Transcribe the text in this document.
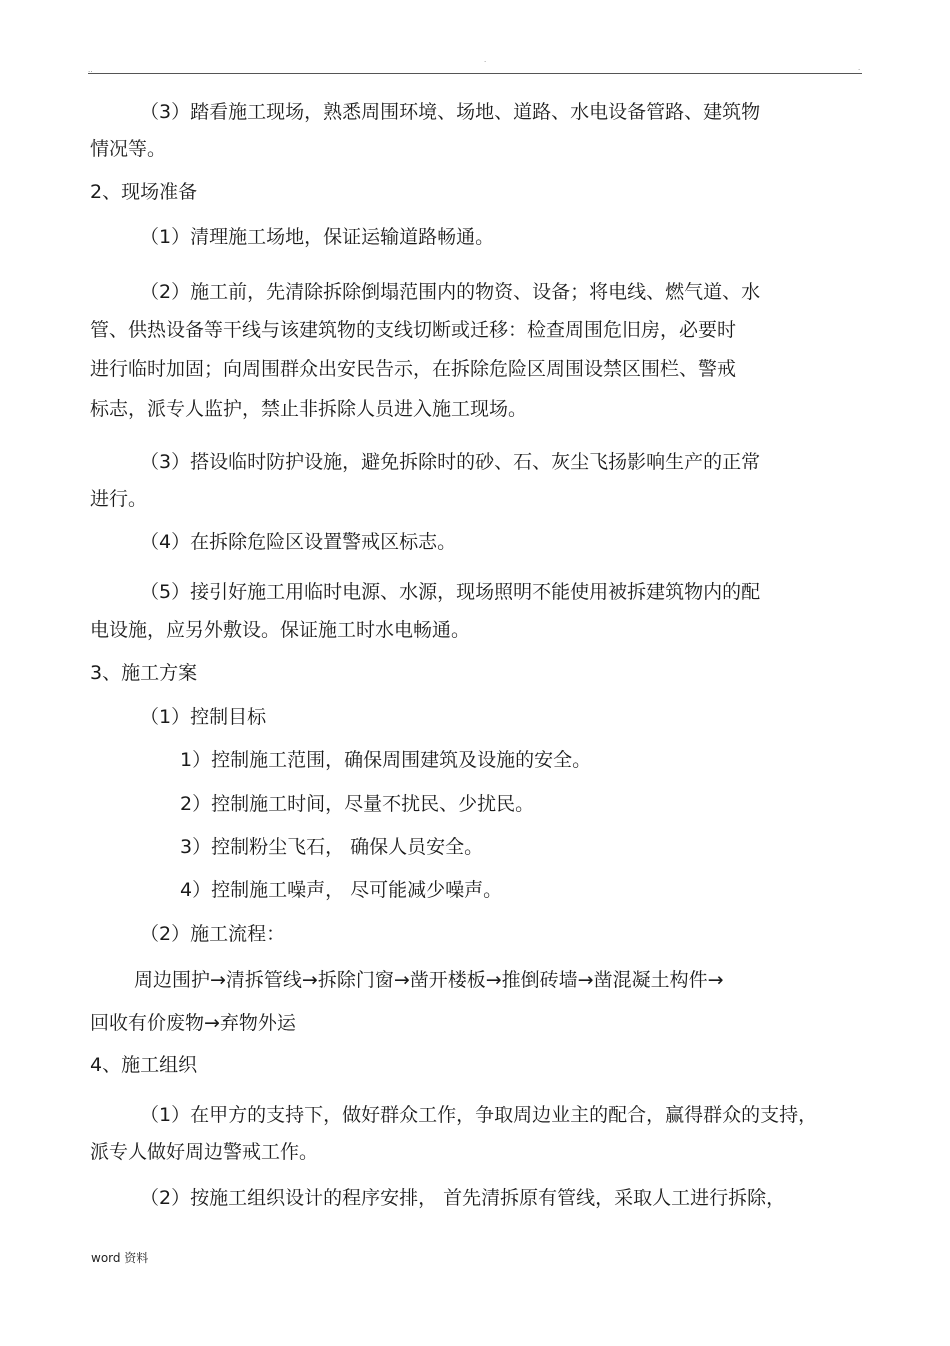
..
·
.
（3）踏看施工现场，熟悉周围环境、场地、道路、水电设备管路、建筑物
情况等。
2、现场准备
（1）清理施工场地，保证运输道路畅通。
（2）施工前，先清除拆除倒塌范围内的物资、设备；将电线、燃气道、水
管、供热设备等干线与该建筑物的支线切断或迁移：检查周围危旧房，必要时
进行临时加固；向周围群众出安民告示，在拆除危险区周围设禁区围栏、警戒
标志，派专人监护，禁止非拆除人员进入施工现场。
（3）搭设临时防护设施，避免拆除时的砂、石、灰尘飞扬影响生产的正常
进行。
（4）在拆除危险区设置警戒区标志。
（5）接引好施工用临时电源、水源，现场照明不能使用被拆建筑物内的配
电设施，应另外敷设。保证施工时水电畅通。
3、施工方案
（1）控制目标
1）控制施工范围，确保周围建筑及设施的安全。
2）控制施工时间，尽量不扰民、少扰民。
3）控制粉尘飞石， 确保人员安全。
4）控制施工噪声， 尽可能减少噪声。
（2）施工流程：
周边围护→清拆管线→拆除门窗→凿开楼板→推倒砖墙→凿混凝土构件→
回收有价废物→弃物外运
4、施工组织
（1）在甲方的支持下，做好群众工作，争取周边业主的配合，赢得群众的支持，
派专人做好周边警戒工作。
（2）按施工组织设计的程序安排， 首先清拆原有管线，采取人工进行拆除，
word 资料
